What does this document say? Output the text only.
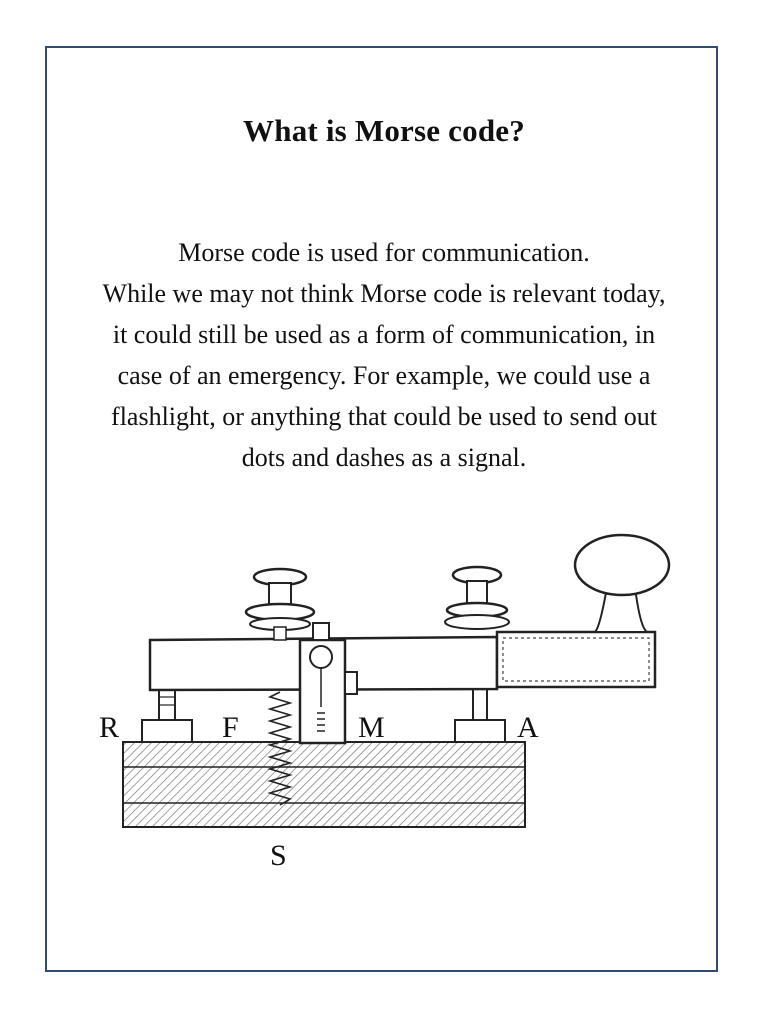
What is Morse code?
Morse code is used for communication.
While we may not think Morse code is relevant today,
it could still be used as a form of communication, in
case of an emergency. For example, we could use a
flashlight, or anything that could be used to send out
dots and dashes as a signal.
R	F	M	A
S
